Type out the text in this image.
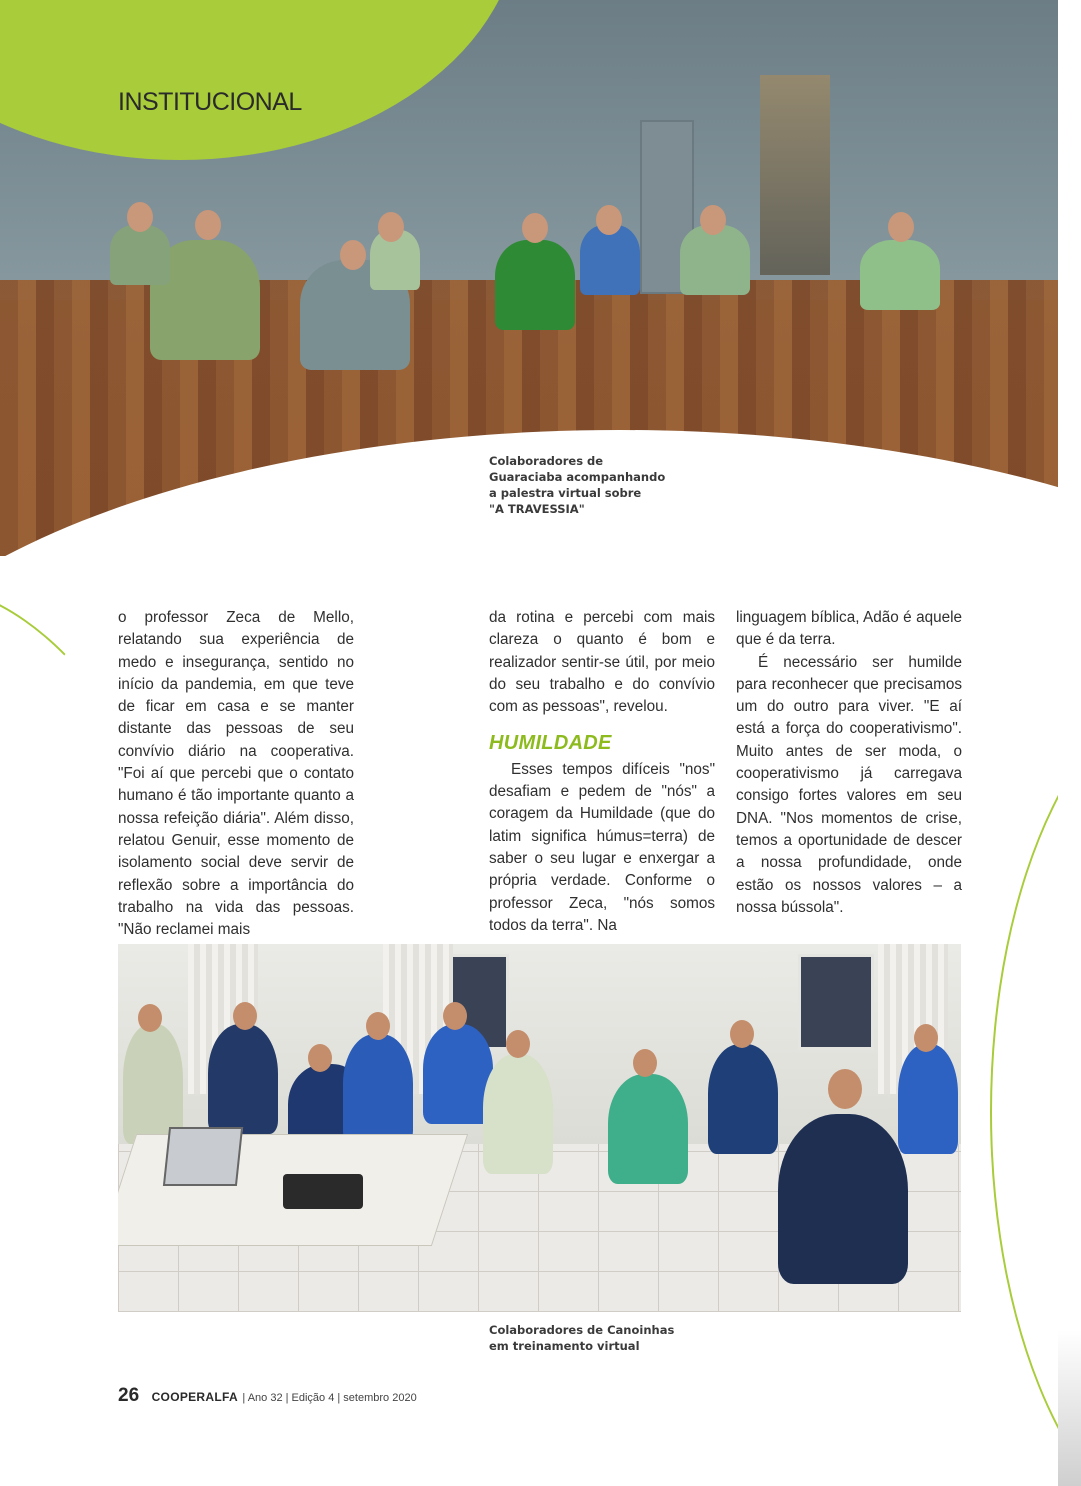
INSTITUCIONAL
Colaboradores de
Guaraciaba acompanhando
a palestra virtual sobre
"A TRAVESSIA"

o professor Zeca de Mello, relatando sua experiência de medo e insegurança, sentido no início da pandemia, em que teve de ficar em casa e se manter distante das pessoas de seu convívio diário na cooperativa. "Foi aí que percebi que o contato humano é tão importante quanto a nossa refeição diária". Além disso, relatou Genuir, esse momento de isolamento social deve servir de reflexão sobre a importância do trabalho na vida das pessoas. "Não reclamei mais

da rotina e percebi com mais clareza o quanto é bom e realizador sentir-se útil, por meio do seu trabalho e do convívio com as pessoas", revelou.

HUMILDADE

Esses tempos difíceis "nos" desafiam e pedem de "nós" a coragem da Humildade (que do latim significa húmus=terra) de saber o seu lugar e enxergar a própria verdade. Conforme o professor Zeca, "nós somos todos da terra". Na

linguagem bíblica, Adão é aquele que é da terra.

É necessário ser humilde para reconhecer que precisamos um do outro para viver. "E aí está a força do cooperativismo". Muito antes de ser moda, o cooperativismo já carregava consigo fortes valores em seu DNA. "Nos momentos de crise, temos a oportunidade de descer a nossa profundidade, onde estão os nossos valores – a nossa bússola".

Colaboradores de Canoinhas
em treinamento virtual
26 COOPERALFA | Ano 32 | Edição 4 | setembro 2020
